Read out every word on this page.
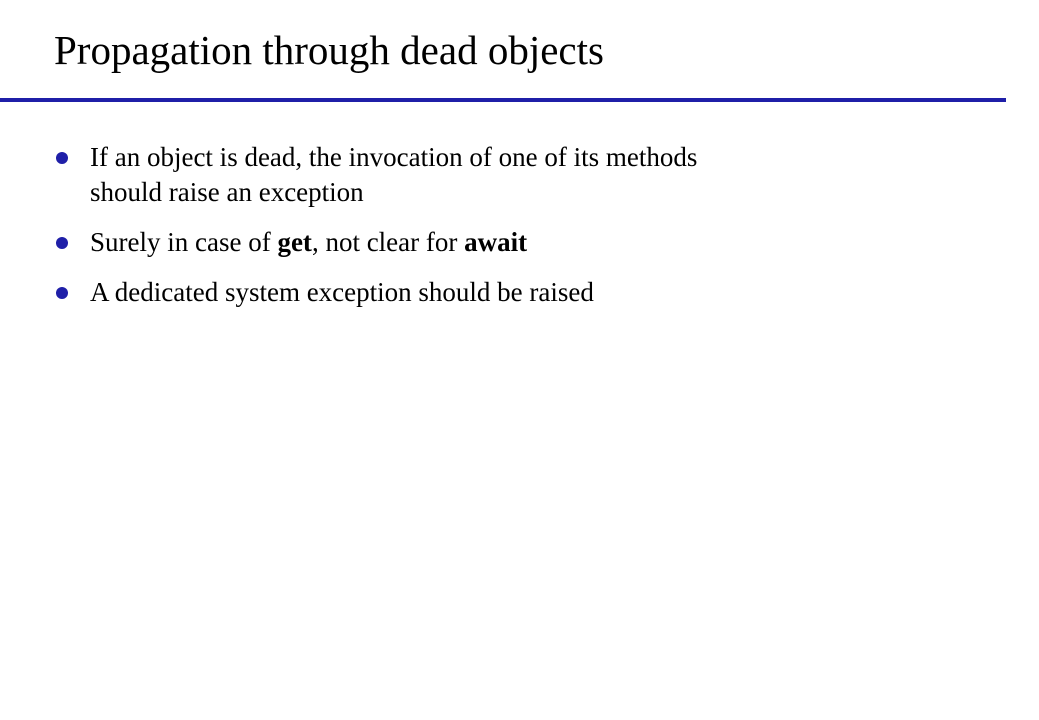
Propagation through dead objects
If an object is dead, the invocation of one of its methods
should raise an exception
Surely in case of get, not clear for await
A dedicated system exception should be raised
